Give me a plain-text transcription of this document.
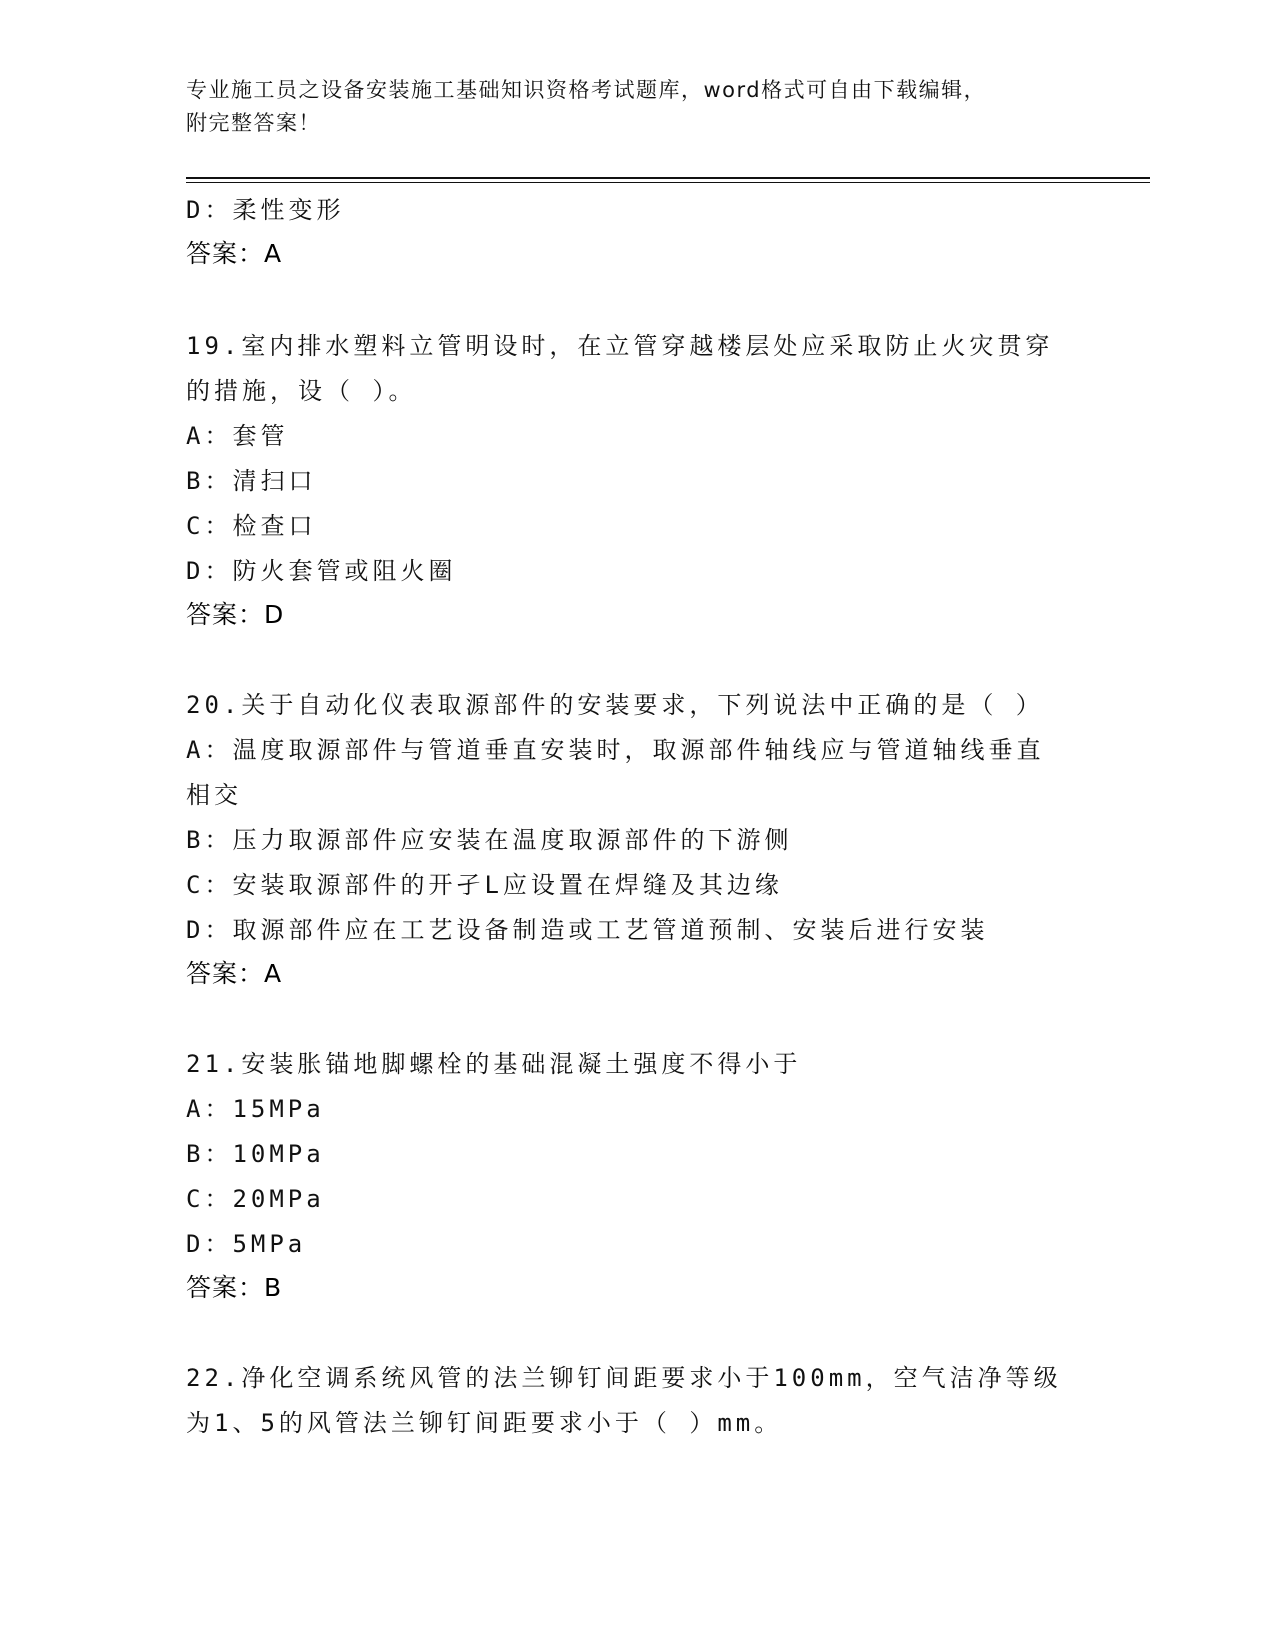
专业施工员之设备安装施工基础知识资格考试题库，word格式可自由下载编辑，
附完整答案！
D：柔性变形
答案：A
19.室内排水塑料立管明设时，在立管穿越楼层处应采取防止火灾贯穿
的措施，设（ ）。
A：套管
B：清扫口
C：检查口
D：防火套管或阻火圈
答案：D
20.关于自动化仪表取源部件的安装要求，下列说法中正确的是（ ）
A：温度取源部件与管道垂直安装时，取源部件轴线应与管道轴线垂直
相交
B：压力取源部件应安装在温度取源部件的下游侧
C：安装取源部件的开孑L应设置在焊缝及其边缘
D：取源部件应在工艺设备制造或工艺管道预制、安装后进行安装
答案：A
21.安装胀锚地脚螺栓的基础混凝土强度不得小于
A：15MPa
B：10MPa
C：20MPa
D：5MPa
答案：B
22.净化空调系统风管的法兰铆钉间距要求小于100mm，空气洁净等级
为1、5的风管法兰铆钉间距要求小于（ ）mm。
